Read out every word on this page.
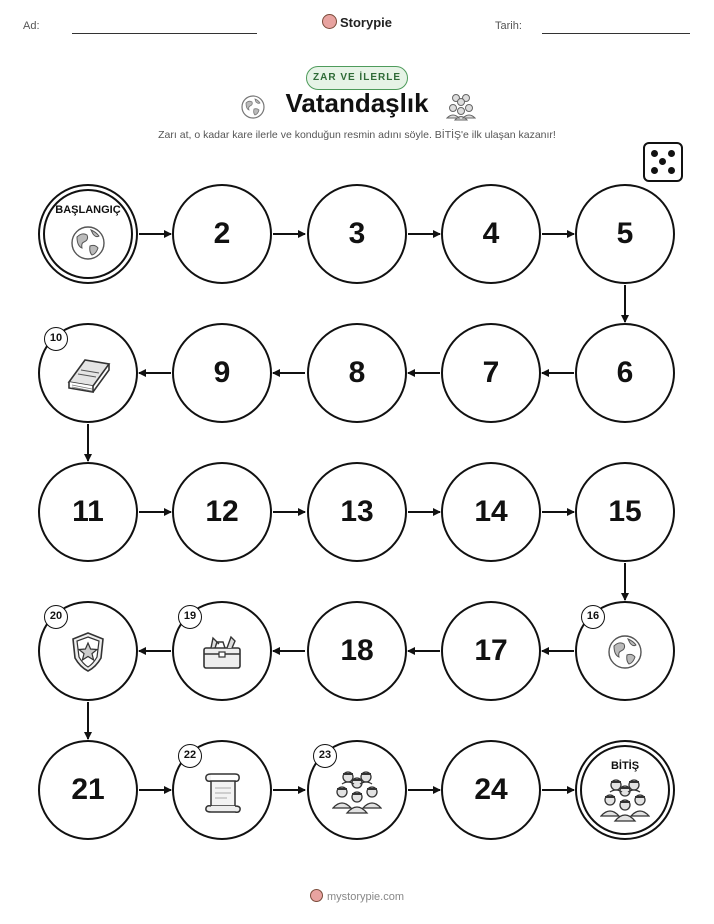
Ad:	Storypie	Tarih:
ZAR VE İLERLE
Vatandaşlık
Zarı at, o kadar kare ilerle ve konduğun resmin adını söyle. BİTİŞ'e ilk ulaşan kazanır!
BAŞLANGIÇ
2	3	4	5
6
7
8
9
10
11	12	13	14	15
16
17
18
19
20
21
22	23
24
BİTİŞ
mystorypie.com
